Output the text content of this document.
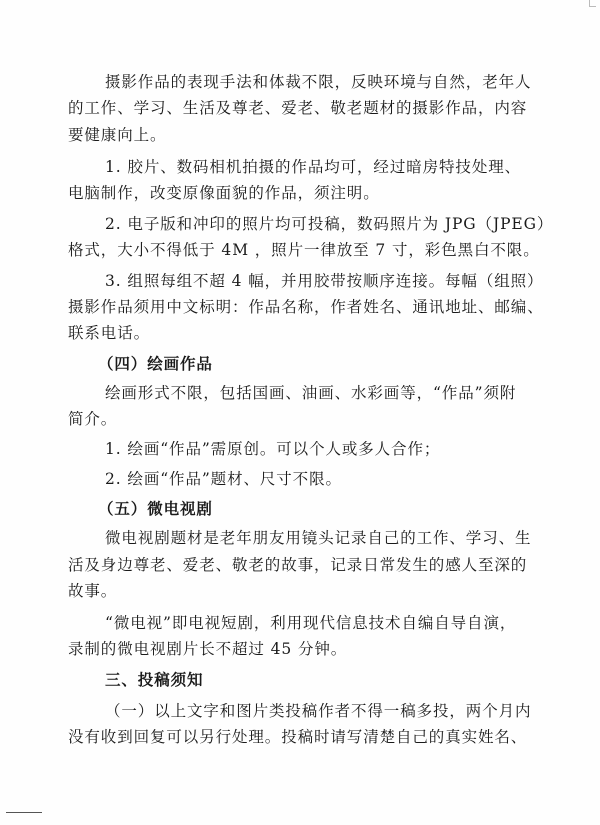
摄影作品的表现手法和体裁不限，反映环境与自然，老年人
的工作、学习、生活及尊老、爱老、敬老题材的摄影作品，内容
要健康向上。
1. 胶片、数码相机拍摄的作品均可，经过暗房特技处理、
电脑制作，改变原像面貌的作品，须注明。
2. 电子版和冲印的照片均可投稿，数码照片为 JPG（JPEG）
格式，大小不得低于 4M ，照片一律放至 7 寸，彩色黑白不限。
3. 组照每组不超 4 幅，并用胶带按顺序连接。每幅（组照）
摄影作品须用中文标明：作品名称，作者姓名、通讯地址、邮编、
联系电话。
（四）绘画作品
绘画形式不限，包括国画、油画、水彩画等，“作品”须附
简介。
1. 绘画“作品”需原创。可以个人或多人合作；
2. 绘画“作品”题材、尺寸不限。
（五）微电视剧
微电视剧题材是老年朋友用镜头记录自己的工作、学习、生
活及身边尊老、爱老、敬老的故事，记录日常发生的感人至深的
故事。
“微电视”即电视短剧，利用现代信息技术自编自导自演，
录制的微电视剧片长不超过 45 分钟。
三、投稿须知
（一）以上文字和图片类投稿作者不得一稿多投，两个月内
没有收到回复可以另行处理。投稿时请写清楚自己的真实姓名、
